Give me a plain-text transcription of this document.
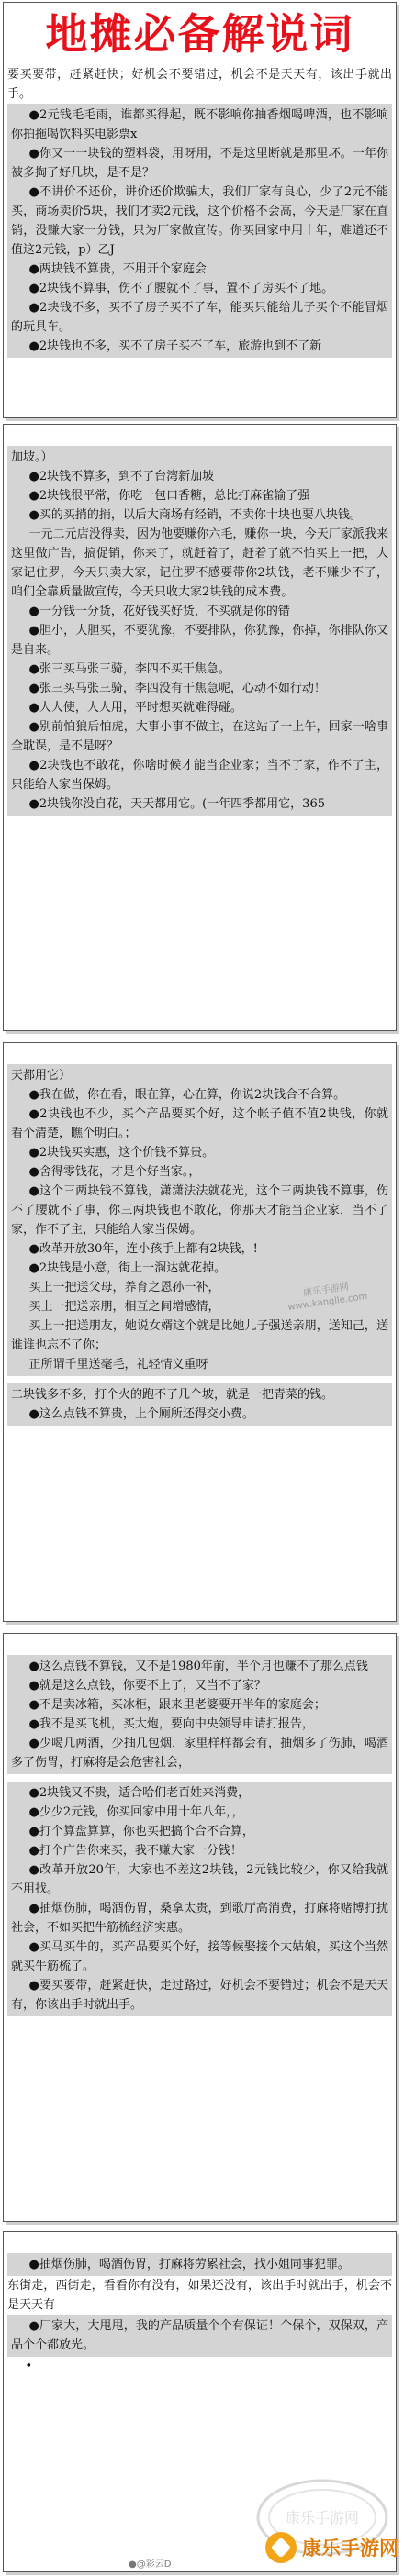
地摊必备解说词

要买要带，赶紧赶快；好机会不要错过，机会不是天天有，该出手就出手。

●2元钱毛毛雨，谁都买得起，既不影响你抽香烟喝啤酒，也不影响你拍拖喝饮料买电影票x

●你又一一块钱的塑料袋，用呀用，不是这里断就是那里坏。一年你被多掏了好几块，是不是？

●不讲价不还价，讲价还价欺骗大，我们厂家有良心，少了2元不能买，商场卖价5块，我们才卖2元钱，这个价格不会高，今天是厂家在直销，没赚大家一分钱，只为厂家做宣传。你买回家中用十年，难道还不值这2元钱，p）乙J

●两块钱不算贵，不用开个家庭会

●2块钱不算事，伤不了腰就不了事，置不了房买不了地。

●2块钱不多，买不了房子买不了车，能买只能给儿子买个不能冒烟的玩具车。

●2块钱也不多，买不了房子买不了车，旅游也到不了新

加坡。）

●2块钱不算多，到不了台湾新加坡

●2块钱很平常，你吃一包口香糖，总比打麻雀输了强

●买的买捎的捎，以后大商场有经销，不卖你十块也要八块钱。

一元二元店没得卖，因为他要赚你六毛，赚你一块，今天厂家派我来这里做广告，搞促销，你来了，就赶着了，赶着了就不怕买上一把，大家记住罗，今天只卖大家，记住罗不感要带你2块钱，老不赚少不了，咱们全靠质量做宣传，今天只收大家2块钱的成本费。

●一分钱一分货，花好钱买好货，不买就是你的错

●胆小，大胆买，不要犹豫，不要排队，你犹豫，你掉，你排队你又是自来。

●张三买马张三骑，李四不买干焦急。

●张三买马张三骑，李四没有干焦急呢，心动不如行动！

●人人使，人人用，平时想买就难得碰。

●别前怕狼后怕虎，大事小事不做主，在这站了一上午，回家一啥事全耽误，是不是呀？

●2块钱也不敢花，你啥时候才能当企业家；当不了家，作不了主，只能给人家当保姆。

●2块钱你没自花，天天都用它。(一年四季都用它，365

天都用它）

●我在做，你在看，眼在算，心在算，你说2块钱合不合算。

●2块钱也不少，买个产品要买个好，这个帐子值不值2块钱，你就看个清楚，瞧个明白。；

●2块钱买实惠，这个价钱不算贵。

●舍得零钱花，才是个好当家。，

●这个三两块钱不算钱，潇潇法法就花光，这个三两块钱不算事，伤不了腰就不了事，你三两块钱也不敢花，你那天才能当企业家，当不了家，作不了主，只能给人家当保姆。

●改革开放30年，连小孩手上都有2块钱，!

●2块钱是小意，街上一溜达就花掉。

买上一把送父母，养育之恩孙一补，

买上一把送亲朋，相互之间增感情，

买上一把送朋友，她说女婿这个就是比她儿子强送亲朋，送知己，送谁谁也忘不了你；

正所谓千里送毫毛，礼轻情义重呀

二块钱多不多，打个火的跑不了几个坡，就是一把青菜的钱。

●这么点钱不算贵，上个厕所还得交小费。

●这么点钱不算钱，又不是1980年前，半个月也赚不了那么点钱

●就是这么点钱，你要不上了，又当不了家？

●不是卖冰箱，买冰柜，跟来里老婆要开半年的家庭会；

●我不是买飞机，买大炮，要向中央领导申请打报告，

●少喝几两酒，少抽几包烟，家里样样都会有，抽烟多了伤肺，喝酒多了伤胃，打麻将是会危害社会，

●2块钱又不贵，适合哈们老百姓来消费，

●少少2元钱，你买回家中用十年八年，，

●打个算盘算算，你也买把搞个合不合算，

●打个广告你来买，我不赚大家一分钱！

●改革开放20年，大家也不差这2块钱，2元钱比较少，你又给我就不用找。

●抽烟伤肺，喝酒伤胃，桑拿太贵，到歌厅高消费，打麻将赌博打扰社会，不如买把牛筋梳经济实惠。

●买马买牛的，买产品要买个好，接等候娶接个大姑娘，买这个当然就买牛筋梳了。

●要买要带，赶紧赶快，走过路过，好机会不要错过；机会不是天天有，你该出手时就出手。

●抽烟伤肺，喝酒伤胃，打麻将劳累社会，找小姐同事犯罪。

东街走，西街走，看看你有没有，如果还没有，该出手时就出手，机会不是天天有

●厂家大，大甩甩，我的产品质量个个有保证！个保个，双保双，产品个个都放光。

•

康乐手游网 www.kanglle.com
康乐手游网
●@彩云D
康乐手游网
